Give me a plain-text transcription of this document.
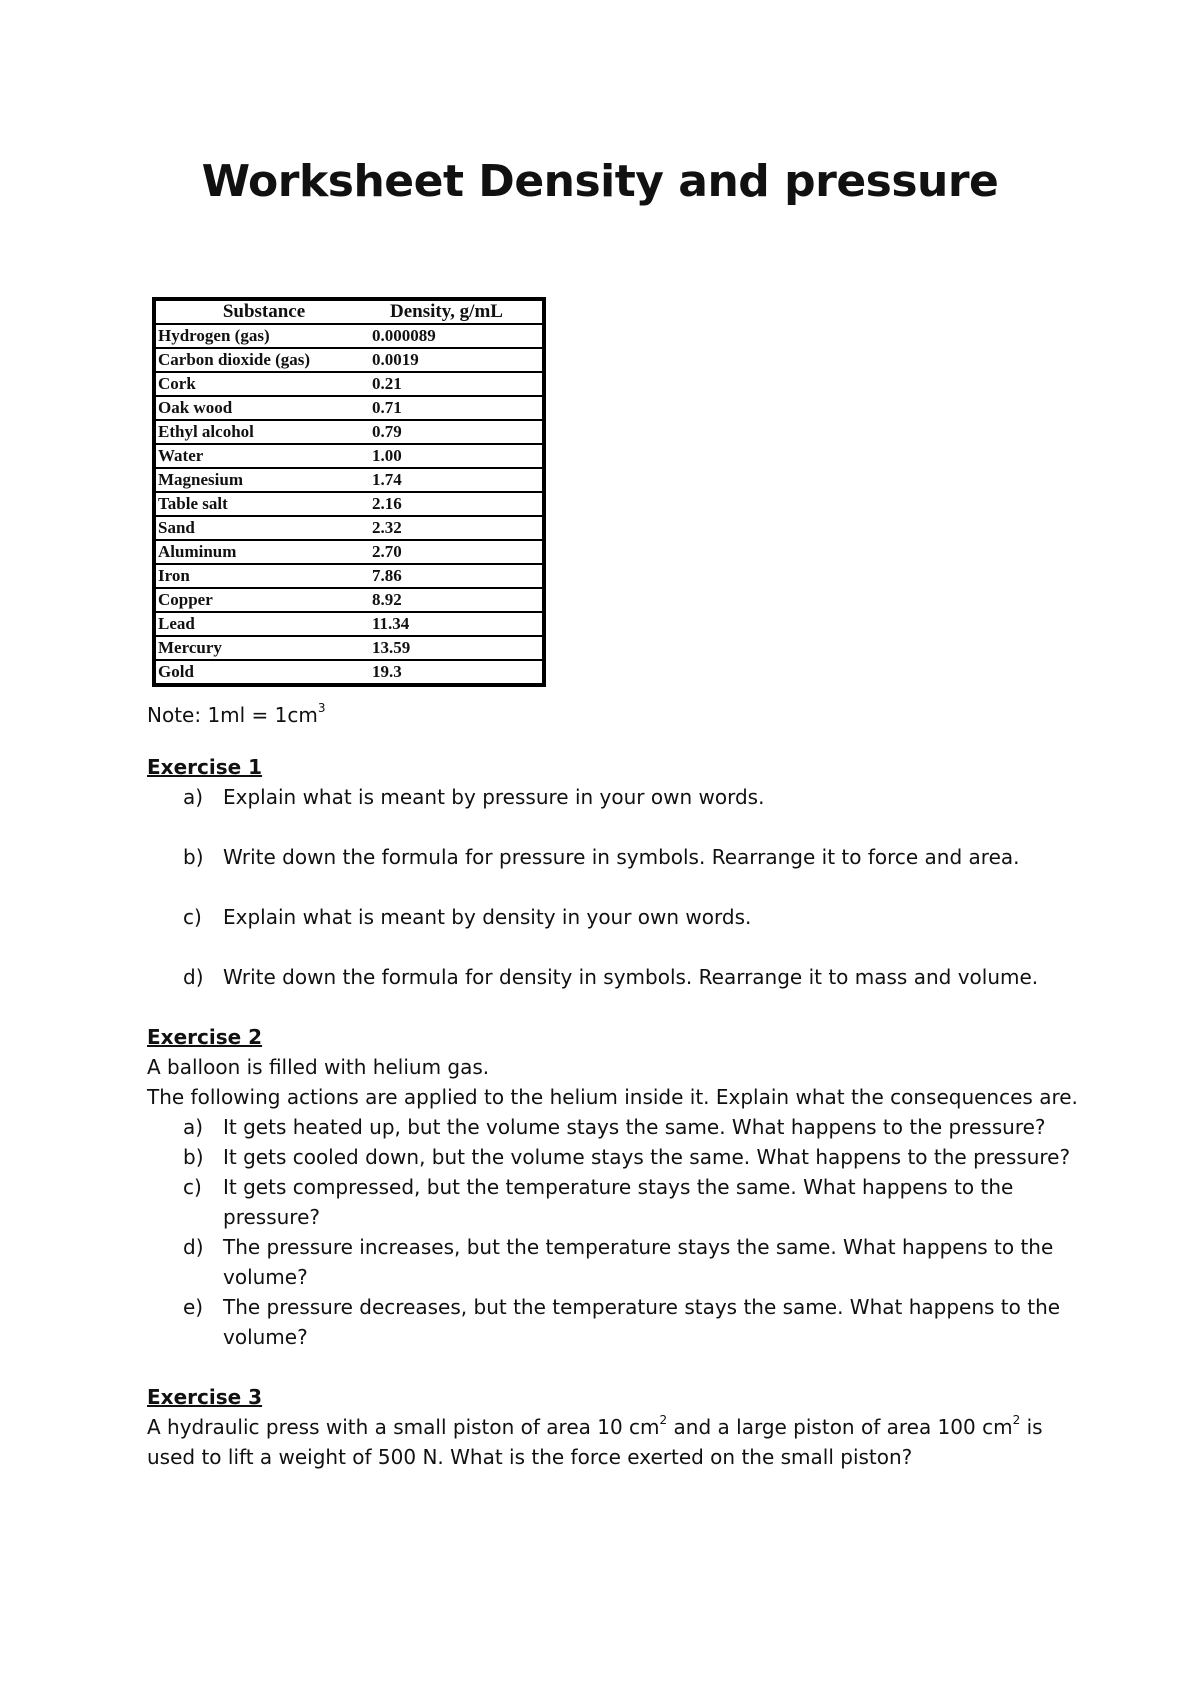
Worksheet Density and pressure
Substance	Density, g/mL
Hydrogen (gas)	0.000089
Carbon dioxide (gas)	0.0019
Cork	0.21
Oak wood	0.71
Ethyl alcohol	0.79
Water	1.00
Magnesium	1.74
Table salt	2.16
Sand	2.32
Aluminum	2.70
Iron	7.86
Copper	8.92
Lead	11.34
Mercury	13.59
Gold	19.3

Note: $1ml = 1cm^3$

Exercise 1

a) Explain what is meant by pressure in your own words.
b) Write down the formula for pressure in symbols. Rearrange it to force and area.
c)	Explain what is meant by density in your own words.
d) Write down the formula for density in symbols. Rearrange it to mass and volume.

Exercise 2

A balloon is filled with helium gas.

The following actions are applied to the helium inside it. Explain what the consequences are.

a) It gets heated up, but the volume stays the same. What happens to the pressure?
b) It gets cooled down, but the volume stays the same. What happens to the pressure?
c)	It gets compressed, but the temperature stays the same. What happens to the pressure?
d) The pressure increases, but the temperature stays the same. What happens to the volume?
e) The pressure decreases, but the temperature stays the same. What happens to the volume?

Exercise 3

A hydraulic press with a small piston of area 10 $cm^2$ and a large piston of area 100 $cm^2$ is used to lift a weight of 500 N. What is the force exerted on the small piston?
